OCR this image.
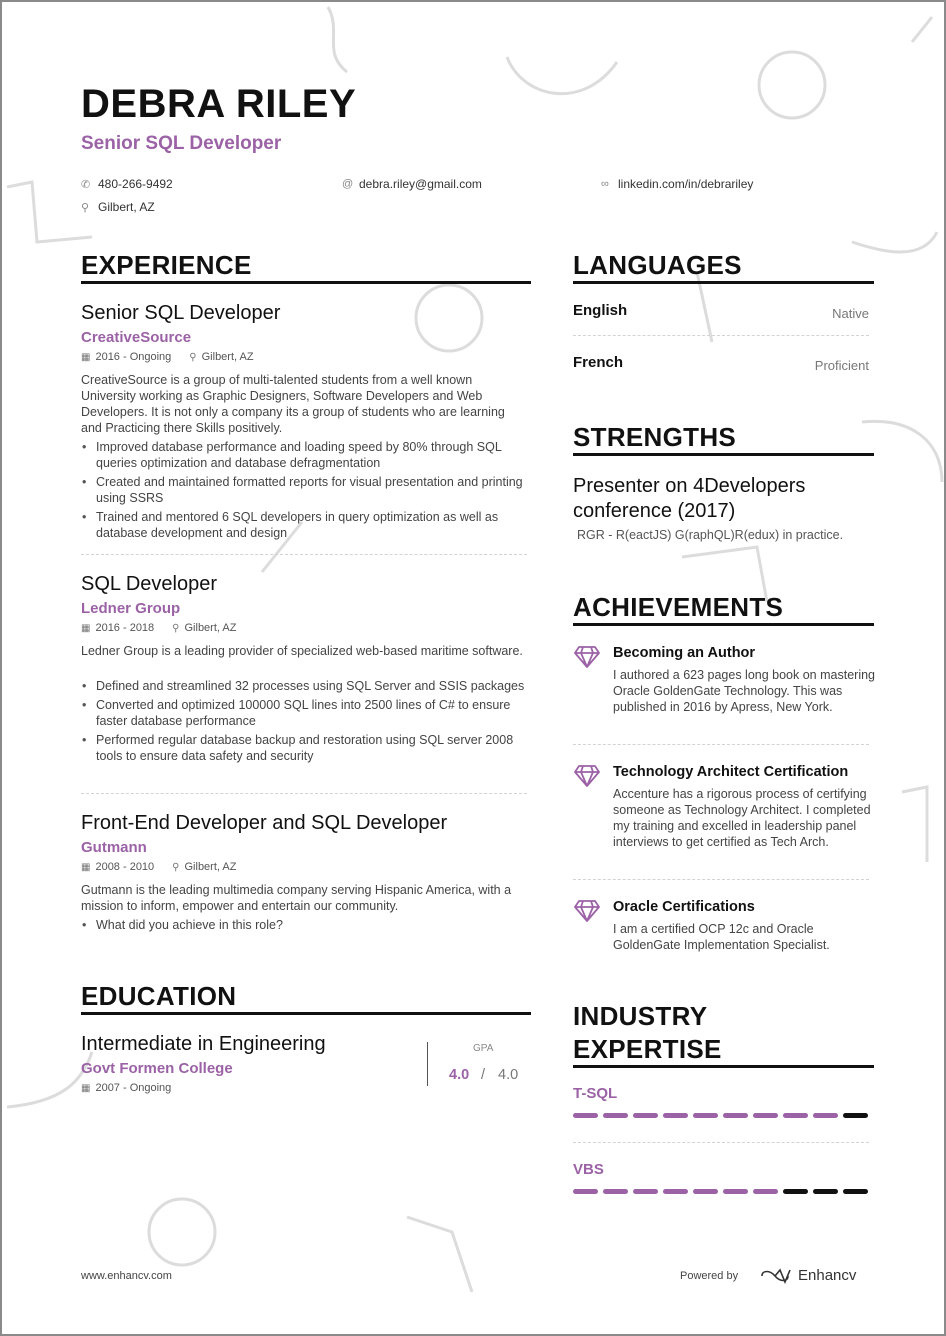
DEBRA RILEY
Senior SQL Developer
✆ 480-266-9492	@ debra.riley@gmail.com	∞ linkedin.com/in/debrariley
⚲ Gilbert, AZ
EXPERIENCE
Senior SQL Developer
CreativeSource
▦ 2016 - Ongoing ⚲ Gilbert, AZ
CreativeSource is a group of multi-talented students from a well known University working as Graphic Designers, Software Developers and Web Developers. It is not only a company its a group of students who are learning and Practicing there Skills positively.
• Improved database performance and loading speed by 80% through SQL queries optimization and database defragmentation
• Created and maintained formatted reports for visual presentation and printing using SSRS
• Trained and mentored 6 SQL developers in query optimization as well as database development and design
SQL Developer
Ledner Group
▦ 2016 - 2018 ⚲ Gilbert, AZ
Ledner Group is a leading provider of specialized web-based maritime software.
• Defined and streamlined 32 processes using SQL Server and SSIS packages
• Converted and optimized 100000 SQL lines into 2500 lines of C# to ensure faster database performance
• Performed regular database backup and restoration using SQL server 2008 tools to ensure data safety and security
Front-End Developer and SQL Developer
Gutmann
▦ 2008 - 2010 ⚲ Gilbert, AZ
Gutmann is the leading multimedia company serving Hispanic America, with a mission to inform, empower and entertain our community.
• What did you achieve in this role?
EDUCATION
Intermediate in Engineering
Govt Formen College
▦ 2007 - Ongoing
GPA
4.0 / 4.0
LANGUAGES
English	Native
French	Proficient
STRENGTHS
Presenter on 4Developers conference (2017)
RGR - R(eactJS) G(raphQL)R(edux) in practice.
ACHIEVEMENTS
Becoming an Author
I authored a 623 pages long book on mastering Oracle GoldenGate Technology. This was published in 2016 by Apress, New York.
Technology Architect Certification
Accenture has a rigorous process of certifying someone as Technology Architect. I completed my training and excelled in leadership panel interviews to get certified as Tech Arch.
Oracle Certifications
I am a certified OCP 12c and Oracle GoldenGate Implementation Specialist.
INDUSTRY
EXPERTISE
T-SQL
VBS
www.enhancv.com	Powered by	Enhancv
